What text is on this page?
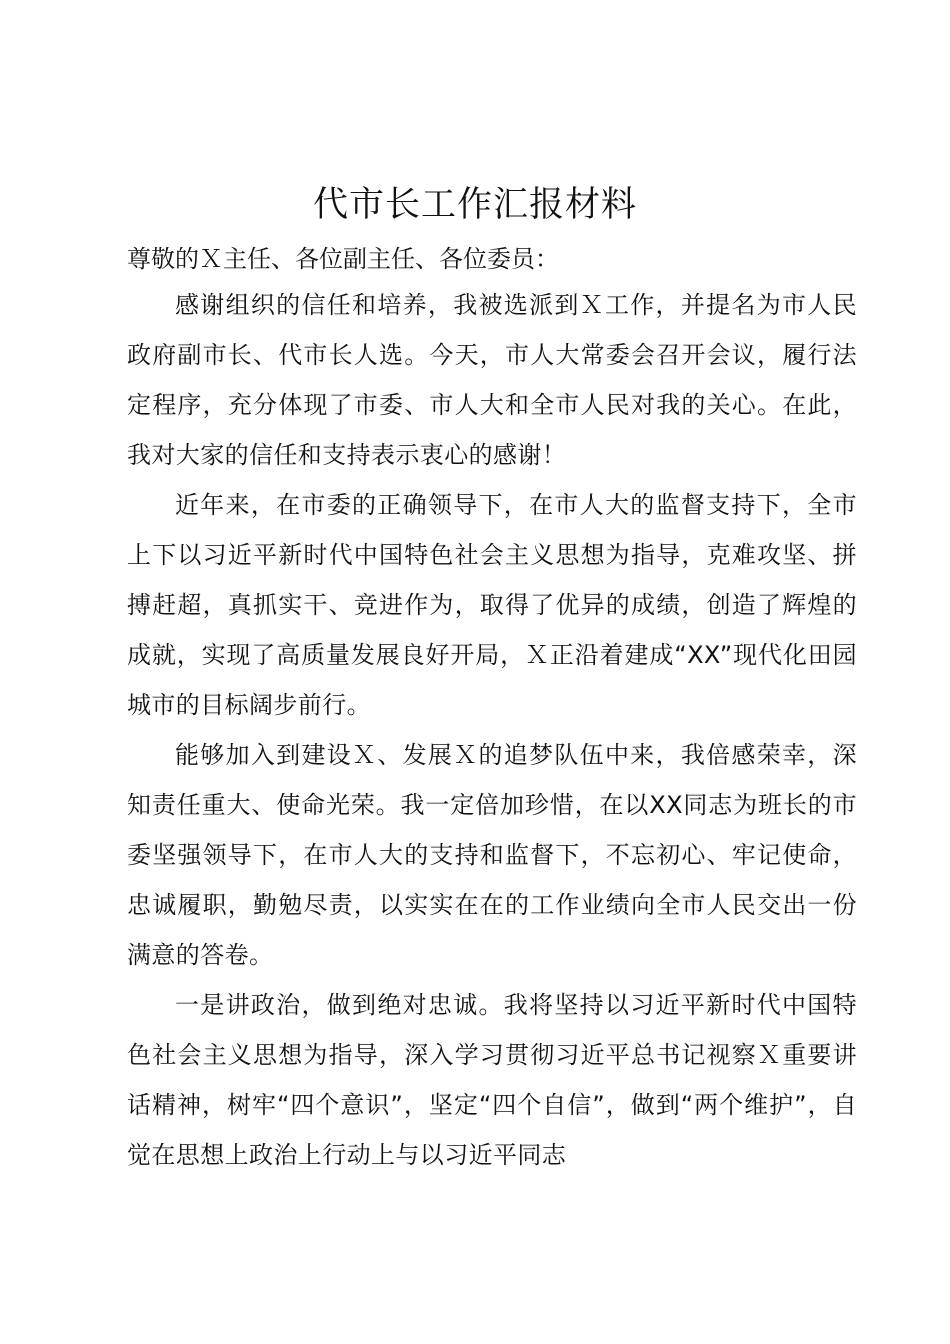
代市长工作汇报材料

尊敬的Ｘ主任、各位副主任、各位委员：

感谢组织的信任和培养，我被选派到Ｘ工作，并提名为市人民政府副市长、代市长人选。今天，市人大常委会召开会议，履行法定程序，充分体现了市委、市人大和全市人民对我的关心。在此，我对大家的信任和支持表示衷心的感谢！

近年来，在市委的正确领导下，在市人大的监督支持下，全市上下以习近平新时代中国特色社会主义思想为指导，克难攻坚、拼搏赶超，真抓实干、竞进作为，取得了优异的成绩，创造了辉煌的成就，实现了高质量发展良好开局，Ｘ正沿着建成“XX”现代化田园城市的目标阔步前行。

能够加入到建设Ｘ、发展Ｘ的追梦队伍中来，我倍感荣幸，深知责任重大、使命光荣。我一定倍加珍惜，在以XX同志为班长的市委坚强领导下，在市人大的支持和监督下，不忘初心、牢记使命，忠诚履职，勤勉尽责，以实实在在的工作业绩向全市人民交出一份满意的答卷。

一是讲政治，做到绝对忠诚。我将坚持以习近平新时代中国特色社会主义思想为指导，深入学习贯彻习近平总书记视察Ｘ重要讲话精神，树牢“四个意识”，坚定“四个自信”，做到“两个维护”，自觉在思想上政治上行动上与以习近平同志
